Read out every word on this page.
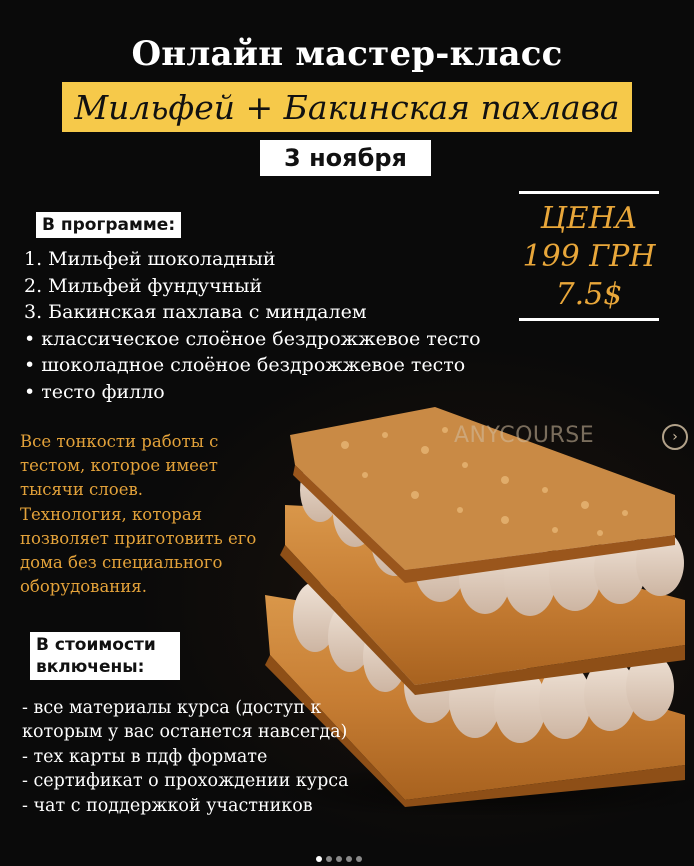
Онлайн мастер-класс
Мильфей + Бакинская пахлава
3 ноября
ЦЕНА
199 ГРН
7.5$
В программе:
1. Мильфей шоколадный
2. Мильфей фундучный
3. Бакинская пахлава с миндалем
• классическое слоёное бездрожжевое тесто
• шоколадное слоёное бездрожжевое тесто
• тесто филло
Все тонкости работы с
тестом, которое имеет
тысячи слоев.
Технология, которая
позволяет приготовить его
дома без специального
оборудования.
В стоимости
включены:
- все материалы курса (доступ к
которым у вас останется навсегда)
- тех карты в пдф формате
- сертификат о прохождении курса
- чат с поддержкой участников
ANYCOURSE	›
